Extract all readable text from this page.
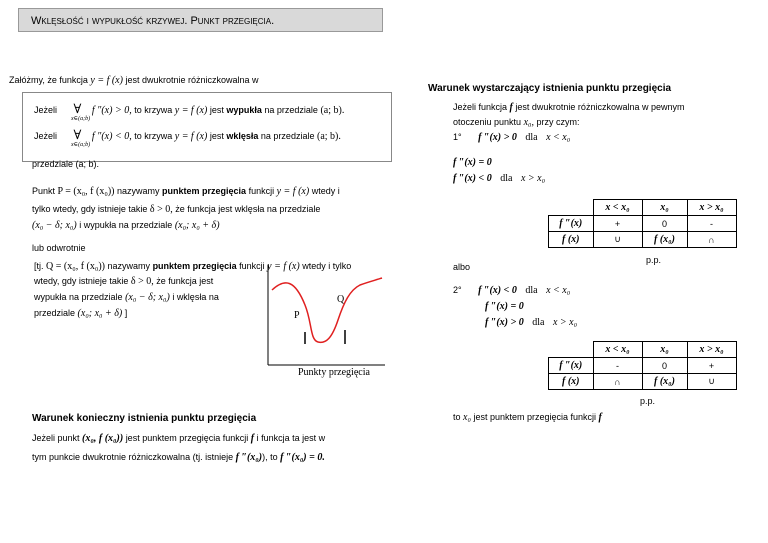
Wklęsłość i wypukłość krzywej. Punkt przegięcia.
Załóżmy, że funkcja y = f (x) jest dwukrotnie różniczkowalna w
Jeżeli ∀ f ″(x) > 0, to krzywa y = f (x) jest wypukła na przedziale (a; b).
x∈(a;b)
Jeżeli ∀ f ″(x) < 0, to krzywa y = f (x) jest wklęsła na przedziale (a; b).
x∈(a;b)
przedziale (a; b).
Punkt P = (x₀, f (x₀)) nazywamy punktem przegięcia funkcji y = f (x) wtedy i
tylko wtedy, gdy istnieje takie δ > 0, że funkcja jest wklęsła na przedziale
(x₀ − δ; x₀) i wypukła na przedziale (x₀; x₀ + δ)
lub odwrotnie
[tj. Q = (x₀, f (x₀)) nazywamy punktem przegięcia funkcji y = f (x) wtedy i tylko
wtedy, gdy istnieje takie δ > 0, że funkcja jest
wypukła na przedziale (x₀ − δ; x₀) i wklęsła na
przedziale (x₀; x₀ + δ) ]	P
Q
Punkty przegięcia
Warunek konieczny istnienia punktu przegięcia
Jeżeli punkt (x₀, f (x₀)) jest punktem przegięcia funkcji f i funkcja ta jest w
tym punkcie dwukrotnie różniczkowalna (tj. istnieje f ″(x₀)), to f ″(x₀) = 0.
Warunek wystarczający istnienia punktu przegięcia
Jeżeli funkcja f jest dwukrotnie różniczkowalna w pewnym
otoczeniu punktu x₀, przy czym:
1° f ″(x) > 0 dla x < x₀
f ″(x) = 0
f ″(x) < 0 dla x > x₀
	x < x₀	x₀	x > x₀
f ″(x)	+	0	-
f (x)	∪	f (x₀)	∩
p.p.
albo
2° f ″(x) < 0 dla x < x₀
f ″(x) = 0
f ″(x) > 0 dla x > x₀
	x < x₀	x₀	x > x₀
f ″(x)	-	0	+
f (x)	∩	f (x₀)	∪
p.p.
to x₀ jest punktem przegięcia funkcji f
